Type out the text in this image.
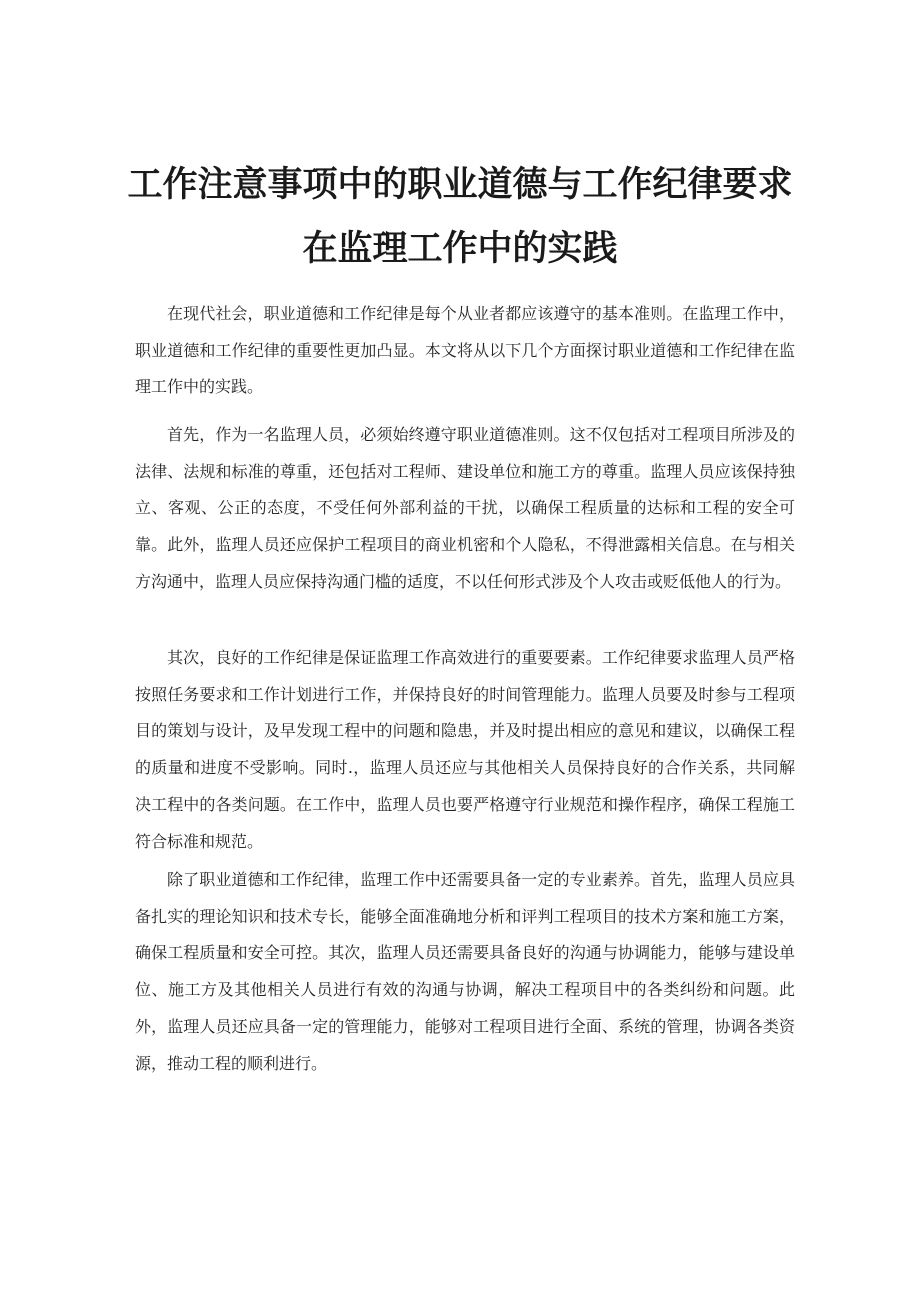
工作注意事项中的职业道德与工作纪律要求
在监理工作中的实践

在现代社会，职业道德和工作纪律是每个从业者都应该遵守的基本准则。在监理工作中，职业道德和工作纪律的重要性更加凸显。本文将从以下几个方面探讨职业道德和工作纪律在监理工作中的实践。

首先，作为一名监理人员，必须始终遵守职业道德准则。这不仅包括对工程项目所涉及的法律、法规和标准的尊重，还包括对工程师、建设单位和施工方的尊重。监理人员应该保持独立、客观、公正的态度，不受任何外部利益的干扰，以确保工程质量的达标和工程的安全可靠。此外，监理人员还应保护工程项目的商业机密和个人隐私，不得泄露相关信息。在与相关方沟通中，监理人员应保持沟通门槛的适度，不以任何形式涉及个人攻击或贬低他人的行为。

其次，良好的工作纪律是保证监理工作高效进行的重要要素。工作纪律要求监理人员严格按照任务要求和工作计划进行工作，并保持良好的时间管理能力。监理人员要及时参与工程项目的策划与设计，及早发现工程中的问题和隐患，并及时提出相应的意见和建议，以确保工程的质量和进度不受影响。同时.，监理人员还应与其他相关人员保持良好的合作关系，共同解决工程中的各类问题。在工作中，监理人员也要严格遵守行业规范和操作程序，确保工程施工符合标准和规范。

除了职业道德和工作纪律，监理工作中还需要具备一定的专业素养。首先，监理人员应具备扎实的理论知识和技术专长，能够全面准确地分析和评判工程项目的技术方案和施工方案，确保工程质量和安全可控。其次，监理人员还需要具备良好的沟通与协调能力，能够与建设单位、施工方及其他相关人员进行有效的沟通与协调，解决工程项目中的各类纠纷和问题。此外，监理人员还应具备一定的管理能力，能够对工程项目进行全面、系统的管理，协调各类资源，推动工程的顺利进行。
